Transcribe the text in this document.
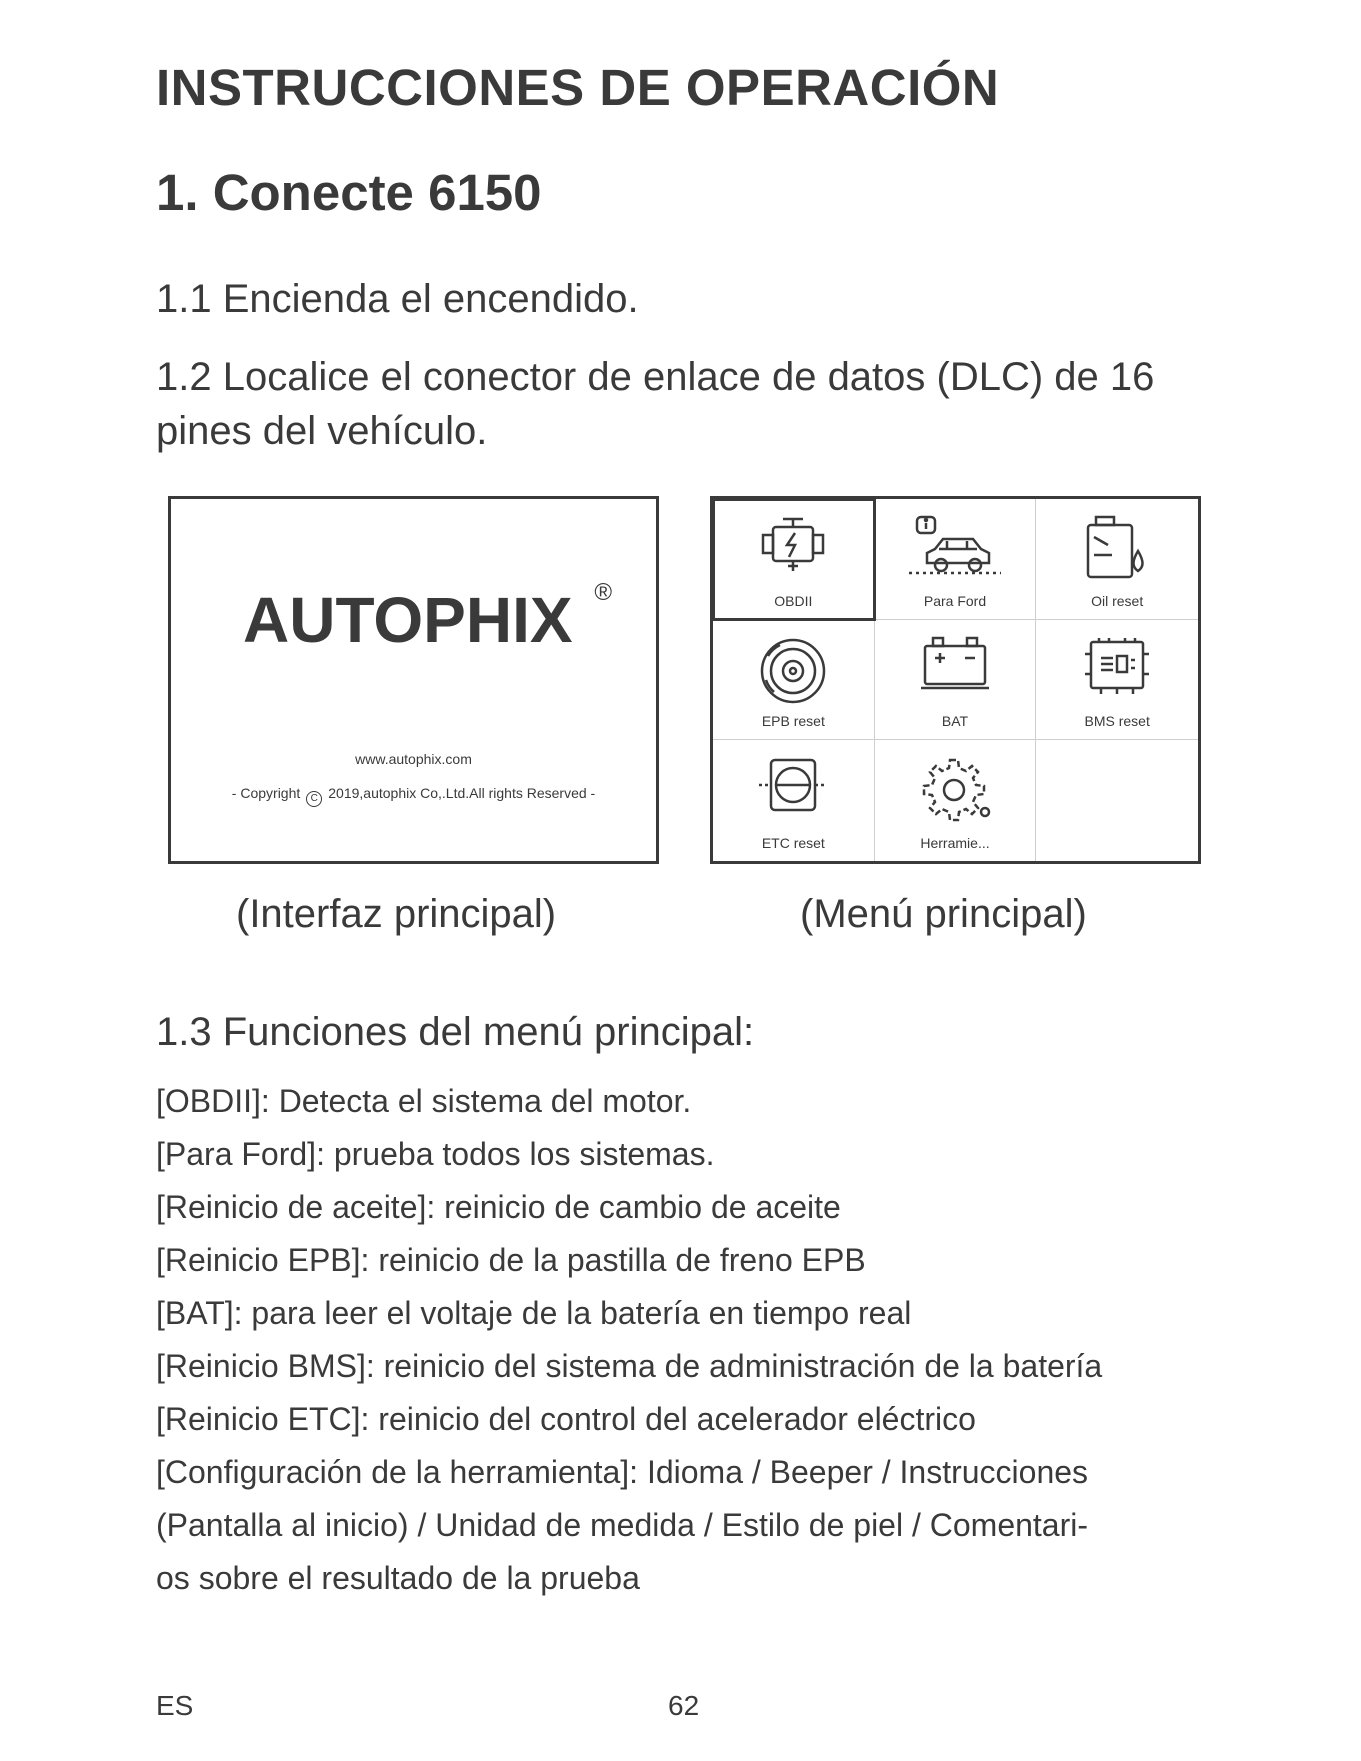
INSTRUCCIONES DE OPERACIÓN
1. Conecte 6150
1.1 Encienda el encendido.
1.2 Localice el conector de enlace de datos (DLC) de 16 pines del vehículo.
AUTOPHIX ®
www.autophix.com
- Copyright C 2019,autophix Co,.Ltd.All rights Reserved -
OBDII	Para Ford	Oil reset
EPB reset	BAT	BMS reset
ETC reset	Herramie...
(Interfaz principal)	(Menú principal)
1.3 Funciones del menú principal:
[OBDII]: Detecta el sistema del motor.
[Para Ford]: prueba todos los sistemas.
[Reinicio de aceite]: reinicio de cambio de aceite
[Reinicio EPB]: reinicio de la pastilla de freno EPB
[BAT]: para leer el voltaje de la batería en tiempo real
[Reinicio BMS]: reinicio del sistema de administración de la batería
[Reinicio ETC]: reinicio del control del acelerador eléctrico
[Configuración de la herramienta]: Idioma / Beeper / Instrucciones
(Pantalla al inicio) / Unidad de medida / Estilo de piel / Comentari-
os sobre el resultado de la prueba
ES	62
